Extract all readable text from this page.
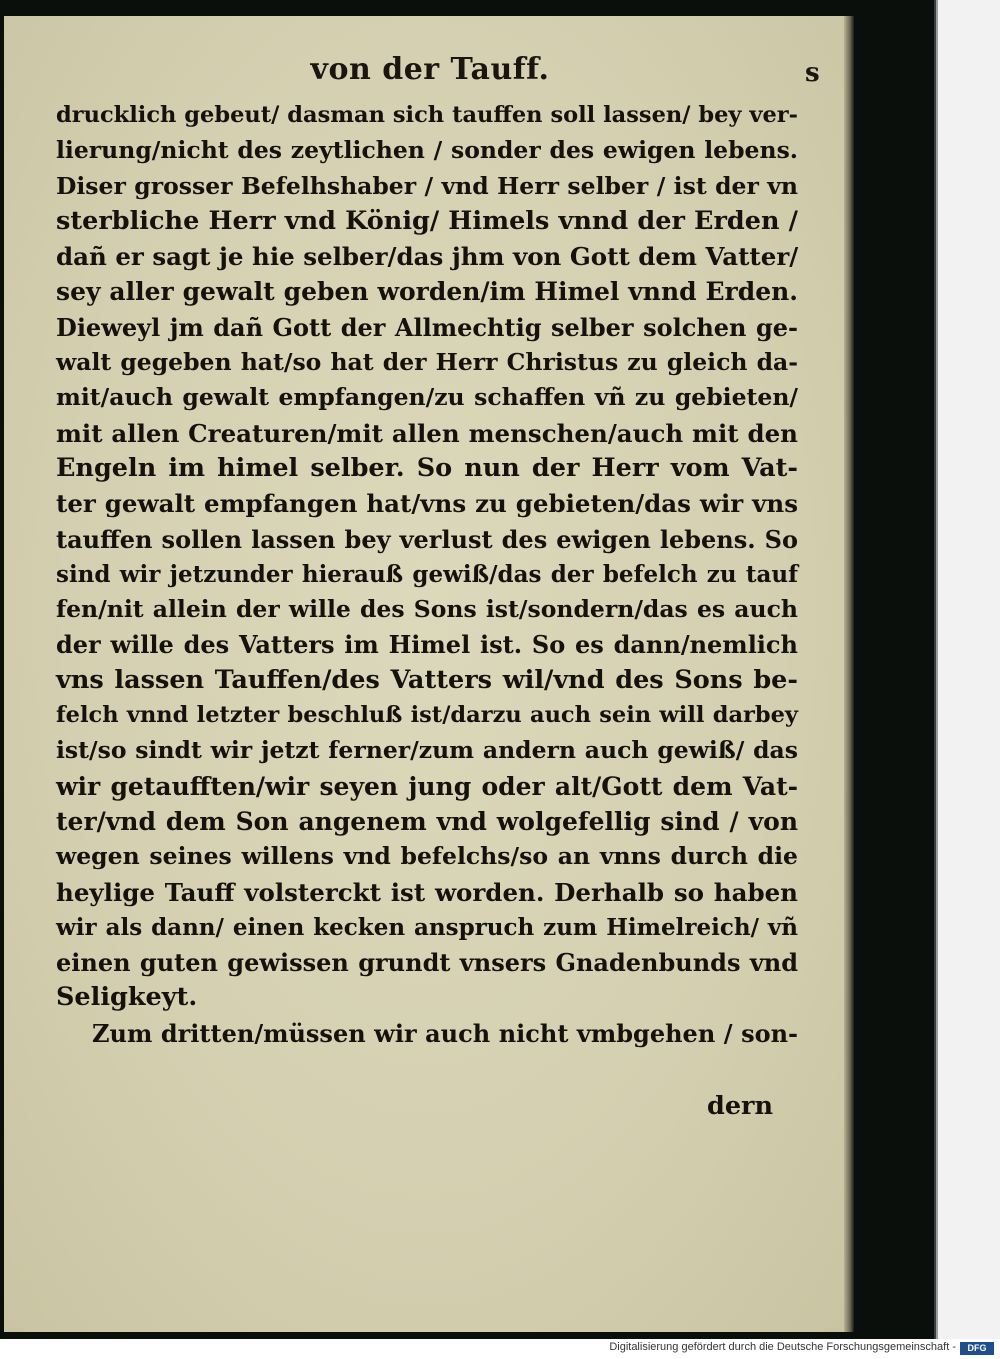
von der Tauff.	s
drucklich gebeut/ dasman sich tauffen soll lassen/ bey ver-
lierung/nicht des zeytlichen / sonder des ewigen lebens.
Diser grosser Befelhshaber / vnd Herr selber / ist der vn
sterbliche Herr vnd König/ Himels vnnd der Erden /
dañ er sagt je hie selber/das jhm von Gott dem Vatter/
sey aller gewalt geben worden/im Himel vnnd Erden.
Dieweyl jm dañ Gott der Allmechtig selber solchen ge-
walt gegeben hat/so hat der Herr Christus zu gleich da-
mit/auch gewalt empfangen/zu schaffen vñ zu gebieten/
mit allen Creaturen/mit allen menschen/auch mit den
Engeln im himel selber. So nun der Herr vom Vat-
ter gewalt empfangen hat/vns zu gebieten/das wir vns
tauffen sollen lassen bey verlust des ewigen lebens. So
sind wir jetzunder hierauß gewiß/das der befelch zu tauf
fen/nit allein der wille des Sons ist/sondern/das es auch
der wille des Vatters im Himel ist. So es dann/nemlich
vns lassen Tauffen/des Vatters wil/vnd des Sons be-
felch vnnd letzter beschluß ist/darzu auch sein will darbey
ist/so sindt wir jetzt ferner/zum andern auch gewiß/ das
wir getaufften/wir seyen jung oder alt/Gott dem Vat-
ter/vnd dem Son angenem vnd wolgefellig sind / von
wegen seines willens vnd befelchs/so an vnns durch die
heylige Tauff volsterckt ist worden. Derhalb so haben
wir als dann/ einen kecken anspruch zum Himelreich/ vñ
einen guten gewissen grundt vnsers Gnadenbunds vnd
Seligkeyt.
Zum dritten/müssen wir auch nicht vmbgehen / son-
dern
Digitalisierung gefördert durch die Deutsche Forschungsgemeinschaft -	DFG
